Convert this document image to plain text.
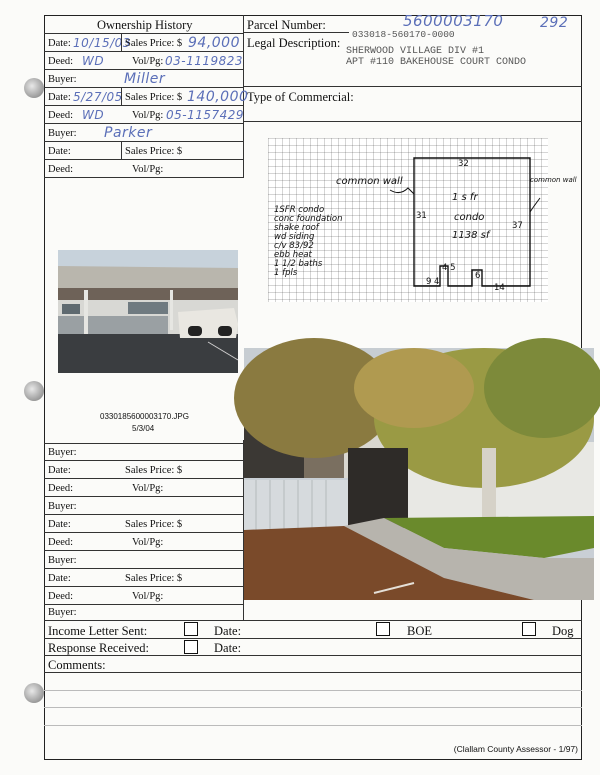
Ownership History
Date: 10/15/03
Sales Price: $ 94,000
Deed: WD	Vol/Pg: 03-1119823
Buyer:	Miller
Date: 5/27/05 Sales Price: $ 140,000
Deed: WD	Vol/Pg: 05-1157429
Buyer: Parker
Date:	Sales Price: $
Deed:	Vol/Pg:
Buyer:
Date:	Sales Price: $
Deed:	Vol/Pg:
Buyer:
Date:	Sales Price: $
Deed:	Vol/Pg:
Buyer:
Date:	Sales Price: $
Deed:	Vol/Pg:
Buyer:
Parcel Number:	5600003170	292
033018-560170-0000
Legal Description:
SHERWOOD VILLAGE DIV #1
APT #110 BAKEHOUSE COURT CONDO
Type of Commercial:
common wall	common wall
1SFR condo
conc foundation
shake roof
wd siding
c/v 83/92
ebb heat
1 1/2 baths
1 fpls
1 s fr
condo
1138 sf
32
31
37
9 4
4 5
6
14
0330185600003170.JPG
5/3/04
Income Letter Sent:	Date:	BOE	Dog
Response Received:	Date:
Comments:
(Clallam County Assessor - 1/97)
